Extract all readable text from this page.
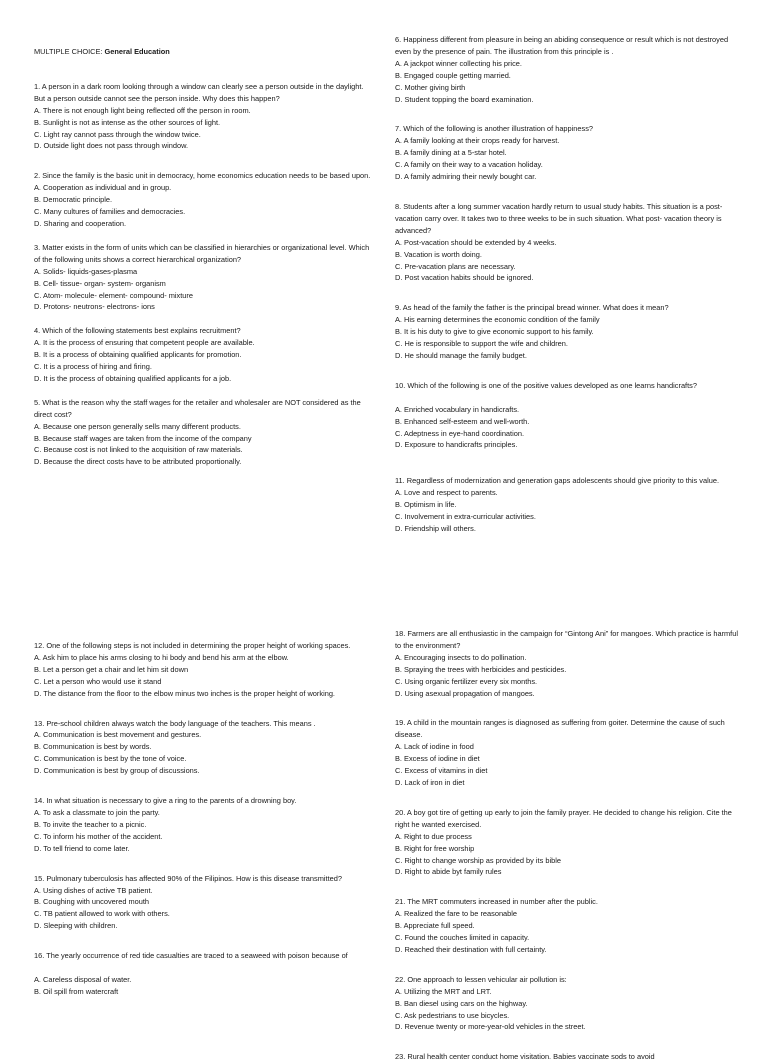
MULTIPLE CHOICE: General Education

1. A person in a dark room looking through a window can clearly see a person outside in the daylight. But a person outside cannot see the person inside. Why does this happen?

A. There is not enough light being reflected off the person in room.

B. Sunlight is not as intense as the other sources of light.

C. Light ray cannot pass through the window twice.

D. Outside light does not pass through window.

2. Since the family is the basic unit in democracy, home economics education needs to be based upon.

A. Cooperation as individual and in group.

B. Democratic principle.

C. Many cultures of families and democracies.

D. Sharing and cooperation.

3. Matter exists in the form of units which can be classified in hierarchies or organizational level. Which of the following units shows a correct hierarchical organization?

A. Solids- liquids-gases-plasma

B. Cell- tissue- organ- system- organism

C. Atom- molecule- element- compound- mixture

D. Protons- neutrons- electrons- ions

4. Which of the following statements best explains recruitment?

A. It is the process of ensuring that competent people are available.

B. It is a process of obtaining qualified applicants for promotion.

C. It is a process of hiring and firing.

D. It is the process of obtaining qualified applicants for a job.

5. What is the reason why the staff wages for the retailer and wholesaler are NOT considered as the direct cost?

A. Because one person generally sells many different products.

B. Because staff wages are taken from the income of the company

C. Because cost is not linked to the acquisition of raw materials.

D. Because the direct costs have to be attributed proportionally.

6. Happiness different from pleasure in being an abiding consequence or result which is not destroyed even by the presence of pain. The illustration from this principle is .

A. A jackpot winner collecting his price.

B. Engaged couple getting married.

C. Mother giving birth

D. Student topping the board examination.

7. Which of the following is another illustration of happiness?

A. A family looking at their crops ready for harvest.

B. A family dining at a 5-star hotel.

C. A family on their way to a vacation holiday.

D. A family admiring their newly bought car.

8. Students after a long summer vacation hardly return to usual study habits. This situation is a post-vacation carry over. It takes two to three weeks to be in such situation. What post- vacation theory is advanced?

A. Post-vacation should be extended by 4 weeks.

B. Vacation is worth doing.

C. Pre-vacation plans are necessary.

D. Post vacation habits should be ignored.

9. As head of the family the father is the principal bread winner. What does it mean?

A. His earning determines the economic condition of the family

B. It is his duty to give to give economic support to his family.

C. He is responsible to support the wife and children.

D. He should manage the family budget.

10. Which of the following is one of the positive values developed as one learns handicrafts?

A. Enriched vocabulary in handicrafts.

B. Enhanced self-esteem and well-worth.

C. Adeptness in eye-hand coordination.

D. Exposure to handicrafts principles.

11. Regardless of modernization and generation gaps adolescents should give priority to this value.

A. Love and respect to parents.

B. Optimism in life.

C. Involvement in extra-curricular activities.

D. Friendship will others.

12. One of the following steps is not included in determining the proper height of working spaces.

A. Ask him to place his arms closing to hi body and bend his arm at the elbow.

B. Let a person get a chair and let him sit down

C. Let a person who would use it stand

D. The distance from the floor to the elbow minus two inches is the proper height of working.

13. Pre-school children always watch the body language of the teachers. This means .

A. Communication is best movement and gestures.

B. Communication is best by words.

C. Communication is best by the tone of voice.

D. Communication is best by group of discussions.

14. In what situation is necessary to give a ring to the parents of a drowning boy.

A. To ask a classmate to join the party.

B. To invite the teacher to a picnic.

C. To inform his mother of the accident.

D. To tell friend to come later.

15. Pulmonary tuberculosis has affected 90% of the Filipinos. How is this disease transmitted?

A. Using dishes of active TB patient.

B. Coughing with uncovered mouth

C. TB patient allowed to work with others.

D. Sleeping with children.

16. The yearly occurrence of red tide casualties are traced to a seaweed with poison because of

A. Careless disposal of water.

B. Oil spill from watercraft

18. Farmers are all enthusiastic in the campaign for “Gintong Ani” for mangoes. Which practice is harmful to the environment?

A. Encouraging insects to do pollination.

B. Spraying the trees with herbicides and pesticides.

C. Using organic fertilizer every six months.

D. Using asexual propagation of mangoes.

19. A child in the mountain ranges is diagnosed as suffering from goiter. Determine the cause of such disease.

A. Lack of iodine in food

B. Excess of iodine in diet

C. Excess of vitamins in diet

D. Lack of iron in diet

20. A boy got tire of getting up early to join the family prayer. He decided to change his religion. Cite the right he wanted exercised.

A. Right to due process

B. Right for free worship

C. Right to change worship as provided by its bible

D. Right to abide byt family rules

21. The MRT commuters increased in number after the public.

A. Realized the fare to be reasonable

B. Appreciate full speed.

C. Found the couches limited in capacity.

D. Reached their destination with full certainty.

22. One approach to lessen vehicular air pollution is:

A. Utilizing the MRT and LRT.

B. Ban diesel using cars on the highway.

C. Ask pedestrians to use bicycles.

D. Revenue twenty or more-year-old vehicles in the street.

23. Rural health center conduct home visitation. Babies vaccinate sods to avoid
